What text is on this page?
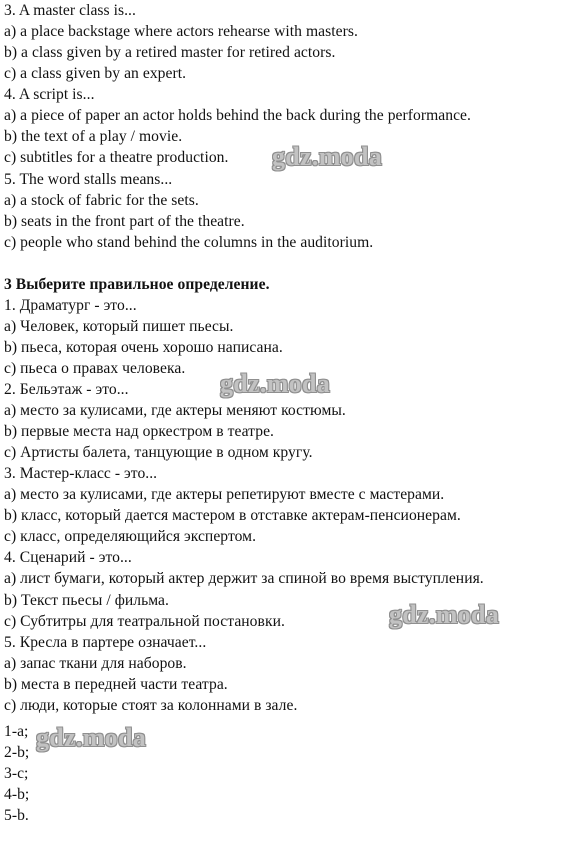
3. A master class is...
a) a place backstage where actors rehearse with masters.
b) a class given by a retired master for retired actors.
c) a class given by an expert.
4. A script is...
a) a piece of paper an actor holds behind the back during the performance.
b) the text of a play / movie.
c) subtitles for a theatre production.
5. The word stalls means...
a) a stock of fabric for the sets.
b) seats in the front part of the theatre.
c) people who stand behind the columns in the auditorium.
3 Выберите правильное определение.
1. Драматург - это...
a) Человек, который пишет пьесы.
b) пьеса, которая очень хорошо написана.
c) пьеса о правах человека.
2. Бельэтаж - это...
a) место за кулисами, где актеры меняют костюмы.
b) первые места над оркестром в театре.
c) Артисты балета, танцующие в одном кругу.
3. Мастер-класс - это...
a) место за кулисами, где актеры репетируют вместе с мастерами.
b) класс, который дается мастером в отставке актерам-пенсионерам.
c) класс, определяющийся экспертом.
4. Сценарий - это...
a) лист бумаги, который актер держит за спиной во время выступления.
b) Текст пьесы / фильма.
c) Субтитры для театральной постановки.
5. Кресла в партере означает...
a) запас ткани для наборов.
b) места в передней части театра.
c) люди, которые стоят за колоннами в зале.
1-a;
2-b;
3-c;
4-b;
5-b.
gdz.moda
gdz.moda
gdz.moda
gdz.moda
